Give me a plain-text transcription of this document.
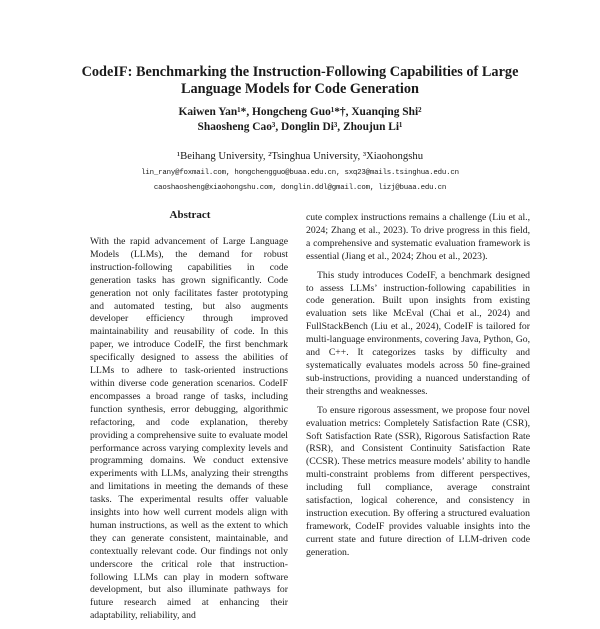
CodeIF: Benchmarking the Instruction-Following Capabilities of Large
Language Models for Code Generation
Kaiwen Yan¹*, Hongcheng Guo¹*†, Xuanqing Shi²
Shaosheng Cao³, Donglin Di³, Zhoujun Li¹
¹Beihang University, ²Tsinghua University, ³Xiaohongshu
lin_rany@foxmail.com, hongchengguo@buaa.edu.cn, sxq23@mails.tsinghua.edu.cn
caoshaosheng@xiaohongshu.com, donglin.ddl@gmail.com, lizj@buaa.edu.cn
Abstract

With the rapid advancement of Large Language Models (LLMs), the demand for robust instruction-following capabilities in code generation tasks has grown significantly. Code generation not only facilitates faster prototyping and automated testing, but also augments developer efficiency through improved maintainability and reusability of code. In this paper, we introduce CodeIF, the first benchmark specifically designed to assess the abilities of LLMs to adhere to task-oriented instructions within diverse code generation scenarios. CodeIF encompasses a broad range of tasks, including function synthesis, error debugging, algorithmic refactoring, and code explanation, thereby providing a comprehensive suite to evaluate model performance across varying complexity levels and programming domains. We conduct extensive experiments with LLMs, analyzing their strengths and limitations in meeting the demands of these tasks. The experimental results offer valuable insights into how well current models align with human instructions, as well as the extent to which they can generate consistent, maintainable, and contextually relevant code. Our findings not only underscore the critical role that instruction-following LLMs can play in modern software development, but also illuminate pathways for future research aimed at enhancing their adaptability, reliability, and

cute complex instructions remains a challenge (Liu et al., 2024; Zhang et al., 2023). To drive progress in this field, a comprehensive and systematic evaluation framework is essential (Jiang et al., 2024; Zhou et al., 2023).

This study introduces CodeIF, a benchmark designed to assess LLMs’ instruction-following capabilities in code generation. Built upon insights from existing evaluation sets like McEval (Chai et al., 2024) and FullStackBench (Liu et al., 2024), CodeIF is tailored for multi-language environments, covering Java, Python, Go, and C++. It categorizes tasks by difficulty and systematically evaluates models across 50 fine-grained sub-instructions, providing a nuanced understanding of their strengths and weaknesses.

To ensure rigorous assessment, we propose four novel evaluation metrics: Completely Satisfaction Rate (CSR), Soft Satisfaction Rate (SSR), Rigorous Satisfaction Rate (RSR), and Consistent Continuity Satisfaction Rate (CCSR). These metrics measure models’ ability to handle multi-constraint problems from different perspectives, including full compliance, average constraint satisfaction, logical coherence, and consistency in instruction execution. By offering a structured evaluation framework, CodeIF provides valuable insights into the current state and future direction of LLM-driven code generation.
